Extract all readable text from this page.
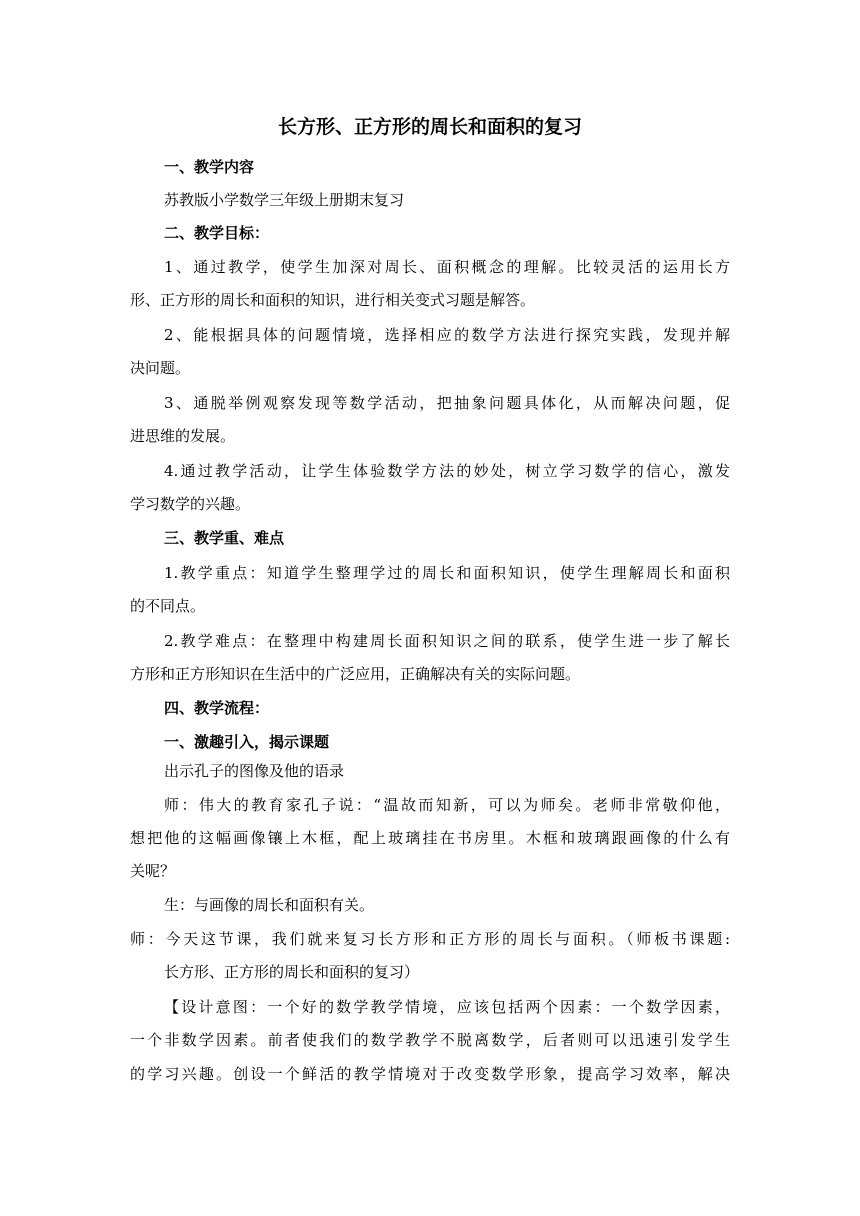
长方形、正方形的周长和面积的复习
一、教学内容
苏教版小学数学三年级上册期末复习
二、教学目标：
1、通过教学，使学生加深对周长、面积概念的理解。比较灵活的运用长方
形、正方形的周长和面积的知识，进行相关变式习题是解答。
2、能根据具体的问题情境，选择相应的数学方法进行探究实践，发现并解
决问题。
3、通脱举例观察发现等数学活动，把抽象问题具体化，从而解决问题，促
进思维的发展。
4.通过教学活动，让学生体验数学方法的妙处，树立学习数学的信心，激发
学习数学的兴趣。
三、教学重、难点
1.教学重点：知道学生整理学过的周长和面积知识，使学生理解周长和面积
的不同点。
2.教学难点：在整理中构建周长面积知识之间的联系，使学生进一步了解长
方形和正方形知识在生活中的广泛应用，正确解决有关的实际问题。
四、教学流程：
一、激趣引入，揭示课题
出示孔子的图像及他的语录
师：伟大的教育家孔子说：“温故而知新，可以为师矣。老师非常敬仰他，
想把他的这幅画像镶上木框，配上玻璃挂在书房里。木框和玻璃跟画像的什么有
关呢？
生：与画像的周长和面积有关。
师：今天这节课，我们就来复习长方形和正方形的周长与面积。（师板书课题:
长方形、正方形的周长和面积的复习）
【设计意图：一个好的数学教学情境，应该包括两个因素：一个数学因素，
一个非数学因素。前者使我们的数学教学不脱离数学，后者则可以迅速引发学生
的学习兴趣。创设一个鲜活的教学情境对于改变数学形象，提高学习效率，解决
